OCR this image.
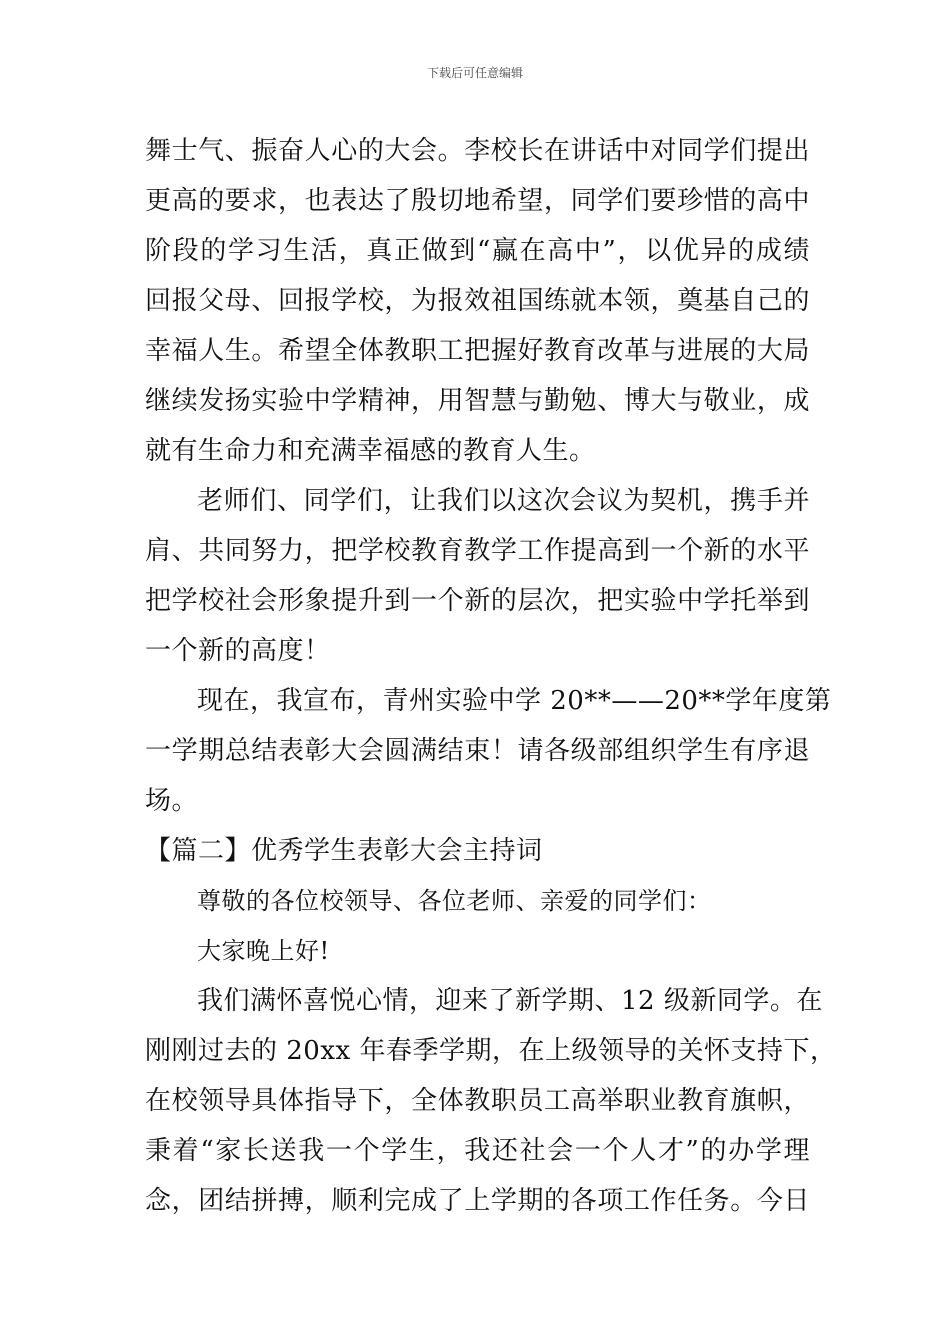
下载后可任意编辑
舞士气、振奋人心的大会。李校长在讲话中对同学们提出
更高的要求，也表达了殷切地希望，同学们要珍惜的高中
阶段的学习生活，真正做到“赢在高中”，以优异的成绩
回报父母、回报学校，为报效祖国练就本领，奠基自己的
幸福人生。希望全体教职工把握好教育改革与进展的大局
继续发扬实验中学精神，用智慧与勤勉、博大与敬业，成
就有生命力和充满幸福感的教育人生。
老师们、同学们，让我们以这次会议为契机，携手并
肩、共同努力，把学校教育教学工作提高到一个新的水平
把学校社会形象提升到一个新的层次，把实验中学托举到
一个新的高度！
现在，我宣布，青州实验中学 20**——20**学年度第
一学期总结表彰大会圆满结束！请各级部组织学生有序退
场。
【篇二】优秀学生表彰大会主持词
尊敬的各位校领导、各位老师、亲爱的同学们：
大家晚上好!
我们满怀喜悦心情，迎来了新学期、12 级新同学。在
刚刚过去的 20xx 年春季学期，在上级领导的关怀支持下，
在校领导具体指导下，全体教职员工高举职业教育旗帜，
秉着“家长送我一个学生，我还社会一个人才”的办学理
念，团结拼搏，顺利完成了上学期的各项工作任务。今日
